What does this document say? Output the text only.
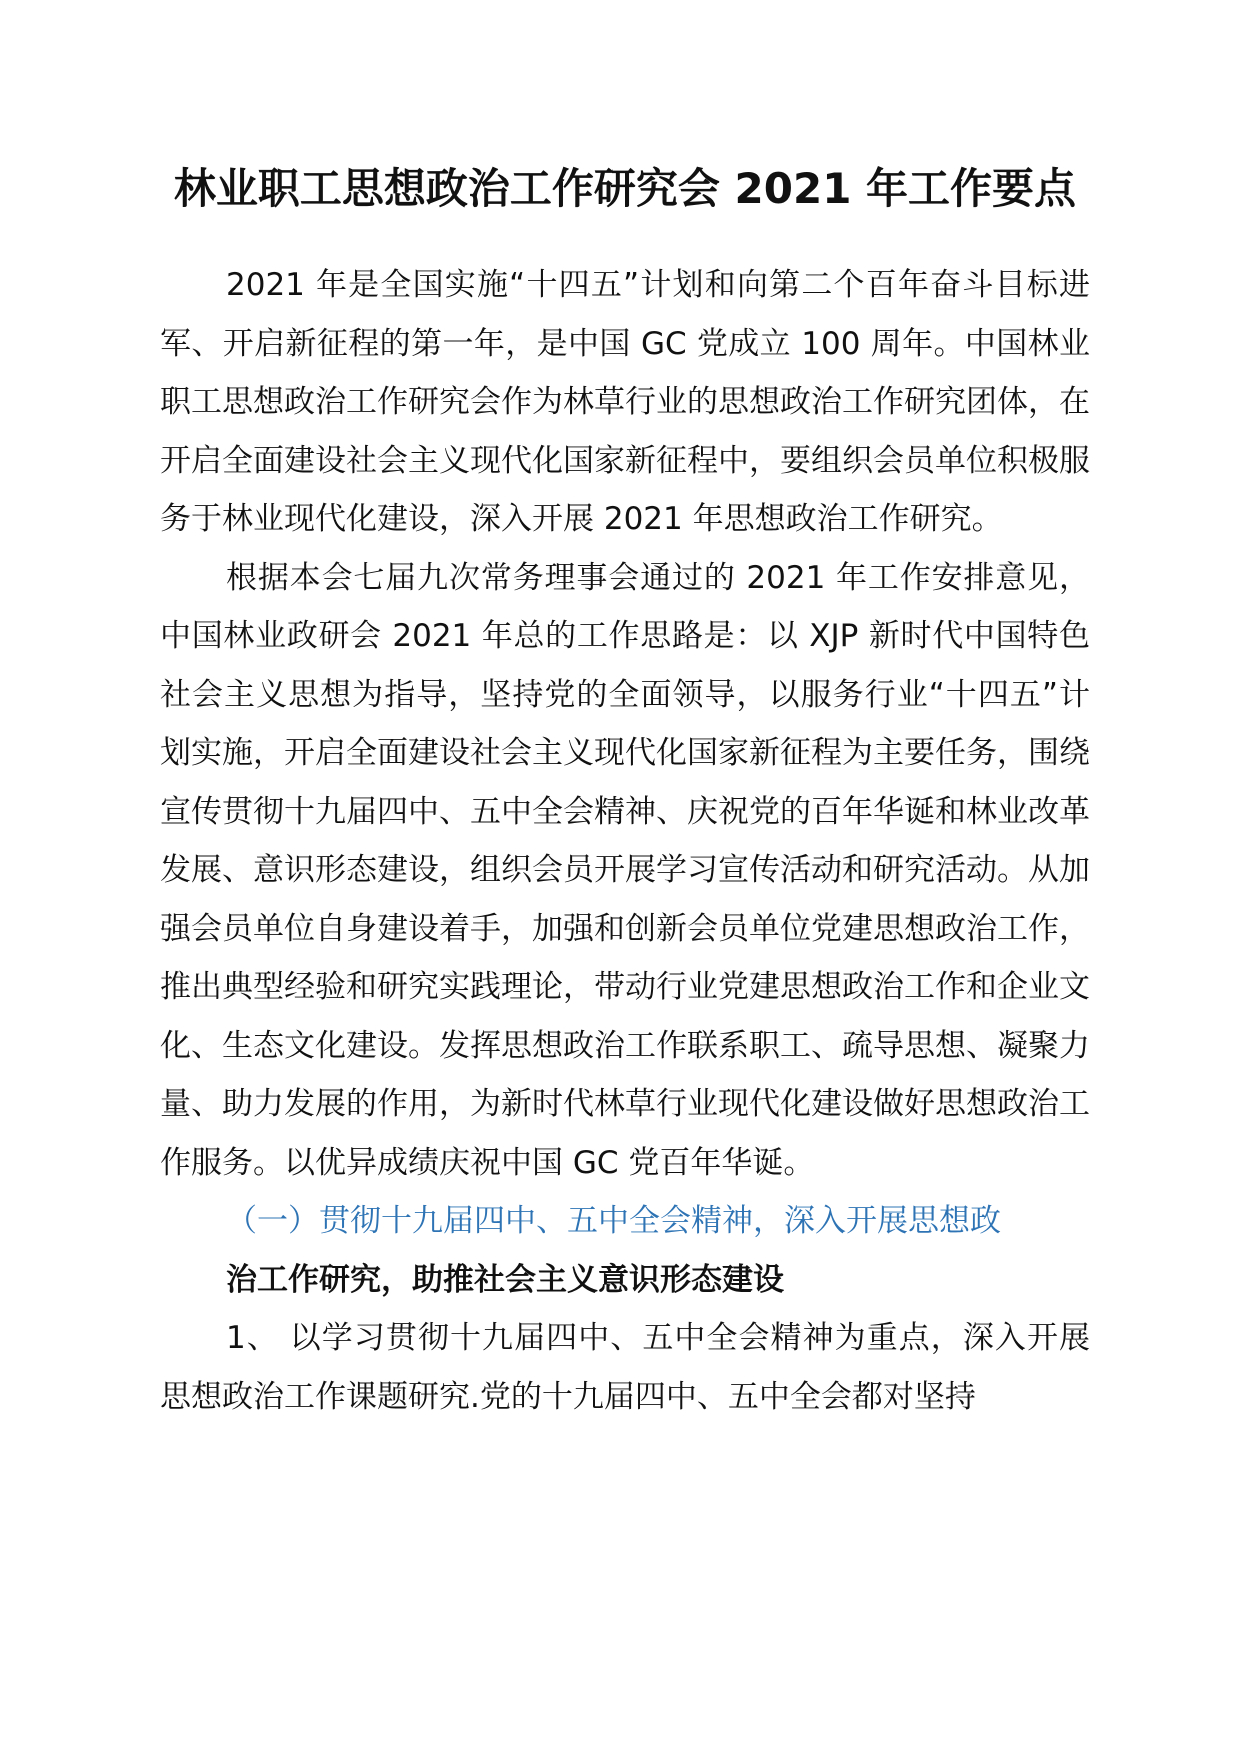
林业职工思想政治工作研究会 2021 年工作要点

2021 年是全国实施“十四五”计划和向第二个百年奋斗目标进军、开启新征程的第一年，是中国 GC 党成立 100 周年。中国林业职工思想政治工作研究会作为林草行业的思想政治工作研究团体，在开启全面建设社会主义现代化国家新征程中，要组织会员单位积极服务于林业现代化建设，深入开展 2021 年思想政治工作研究。

根据本会七届九次常务理事会通过的 2021 年工作安排意见，中国林业政研会 2021 年总的工作思路是：以 XJP 新时代中国特色社会主义思想为指导，坚持党的全面领导，以服务行业“十四五”计划实施，开启全面建设社会主义现代化国家新征程为主要任务，围绕宣传贯彻十九届四中、五中全会精神、庆祝党的百年华诞和林业改革发展、意识形态建设，组织会员开展学习宣传活动和研究活动。从加强会员单位自身建设着手，加强和创新会员单位党建思想政治工作，推出典型经验和研究实践理论，带动行业党建思想政治工作和企业文化、生态文化建设。发挥思想政治工作联系职工、疏导思想、凝聚力量、助力发展的作用，为新时代林草行业现代化建设做好思想政治工作服务。以优异成绩庆祝中国 GC 党百年华诞。

（一）贯彻十九届四中、五中全会精神，深入开展思想政

治工作研究，助推社会主义意识形态建设

1、 以学习贯彻十九届四中、五中全会精神为重点，深入开展思想政治工作课题研究.党的十九届四中、五中全会都对坚持
